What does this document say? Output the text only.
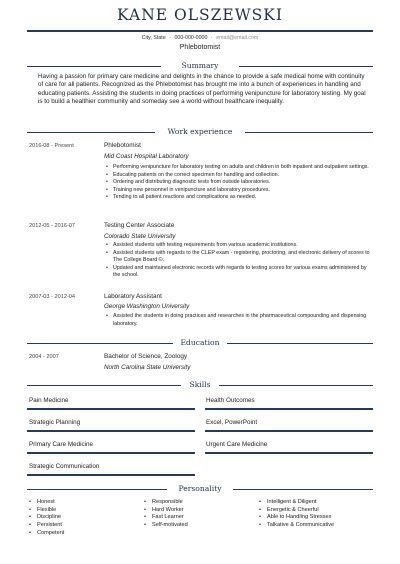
KANE OLSZEWSKI
City, State · 000-000-0000 · email@email.com
Phlebotomist
Summary
Having a passion for primary care medicine and delights in the chance to provide a safe medical home with continuity of care for all patients. Recognized as the Phlebotomist has brought me into a bunch of experiences in handling and educating patients. Assisting the students in doing practices of performing venipuncture for laboratory testing. My goal is to build a healthier community and someday see a world without healthcare inequality.
Work experience
2016-08 - Present	Phlebotomist
Mid Coast Hospital Laboratory
• Performing venipuncture for laboratory testing on adults and children in both inpatient and outpatient settings.
• Educating patients on the correct specimen for handling and collection.
• Ordering and distributing diagnostic tests from outside laboratories.
• Training new personnel in venipuncture and laboratory procedures.
• Tending to all patient reactions and complications as needed.
2012-05 - 2016-07	Testing Center Associate
Colorado State University
• Assisted students with testing requirements from various academic institutions.
• Assisted students with regards to the CLEP exam - registering, proctoring, and electronic delivery of scores to The College Board ©.
• Updated and maintained electronic records with regards to testing scores for various exams administered by the school.
2007-03 - 2012-04	Laboratory Assistant
George Washington University
• Assisted the students in doing practices and researches in the pharmaceutical compounding and dispensing laboratory.
Education
2004 - 2007	Bachelor of Science, Zoology
North Carolina State University
Skills
Pain Medicine	Health Outcomes
Strategic Planning	Excel, PowerPoint
Primary Care Medicine	Urgent Care Medicine
Strategic Communication
Personality
• Honest
• Flexible
• Discipline
• Persistent
• Competent
• Responsible
• Hard Worker
• Fast Learner
• Self-motivated
• Intelligent & Diligent
• Energetic & Cheerful
• Able to Handling Stresses
• Talkative & Communicative
